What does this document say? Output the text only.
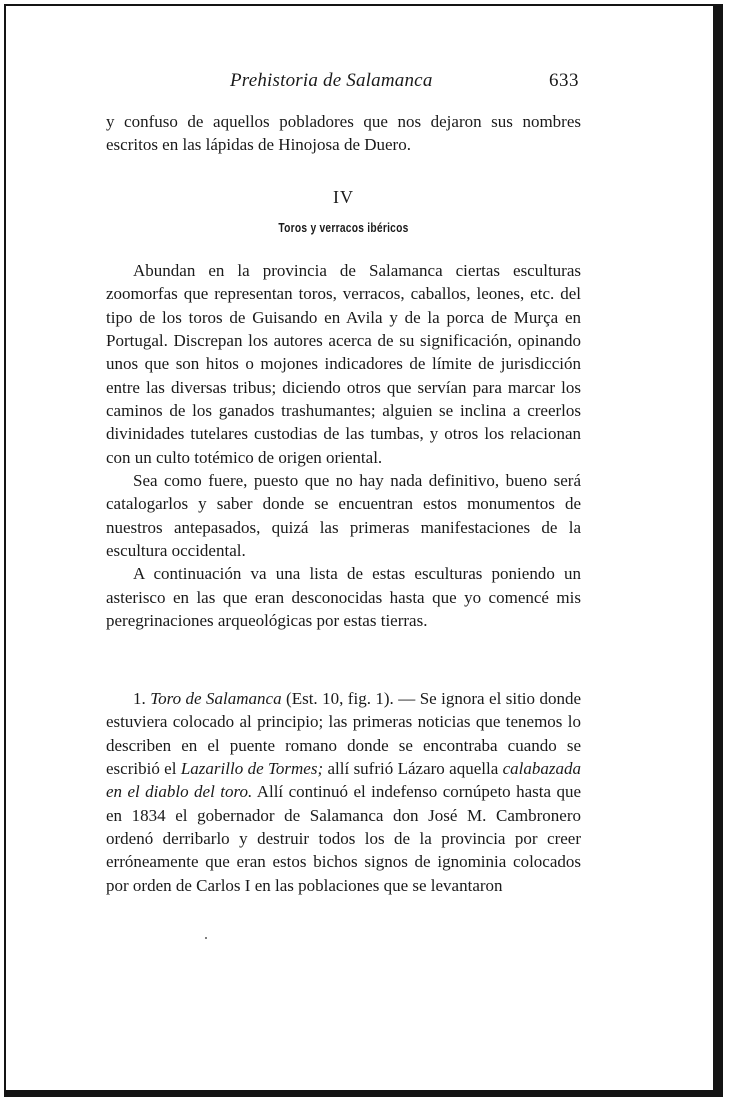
Prehistoria de Salamanca	633

y confuso de aquellos pobladores que nos dejaron sus nombres escritos en las lápidas de Hinojosa de Duero.

IV
Toros y verracos ibéricos

Abundan en la provincia de Salamanca ciertas esculturas zoomorfas que representan toros, verracos, caballos, leones, etc. del tipo de los toros de Guisando en Avila y de la porca de Murça en Portugal. Discrepan los autores acerca de su significación, opinando unos que son hitos o mojones indicadores de límite de jurisdicción entre las diversas tribus; diciendo otros que servían para marcar los caminos de los ganados trashumantes; alguien se inclina a creerlos divinidades tutelares custodias de las tumbas, y otros los relacionan con un culto totémico de origen oriental.

Sea como fuere, puesto que no hay nada definitivo, bueno será catalogarlos y saber donde se encuentran estos monumentos de nuestros antepasados, quizá las primeras manifestaciones de la escultura occidental.

A continuación va una lista de estas esculturas poniendo un asterisco en las que eran desconocidas hasta que yo comencé mis peregrinaciones arqueológicas por estas tierras.

1. Toro de Salamanca (Est. 10, fig. 1). — Se ignora el sitio donde estuviera colocado al principio; las primeras noticias que tenemos lo describen en el puente romano donde se encontraba cuando se escribió el Lazarillo de Tormes; allí sufrió Lázaro aquella calabazada en el diablo del toro. Allí continuó el indefenso cornúpeto hasta que en 1834 el gobernador de Salamanca don José M. Cambronero ordenó derribarlo y destruir todos los de la provincia por creer erróneamente que eran estos bichos signos de ignominia colocados por orden de Carlos I en las poblaciones que se levantaron
